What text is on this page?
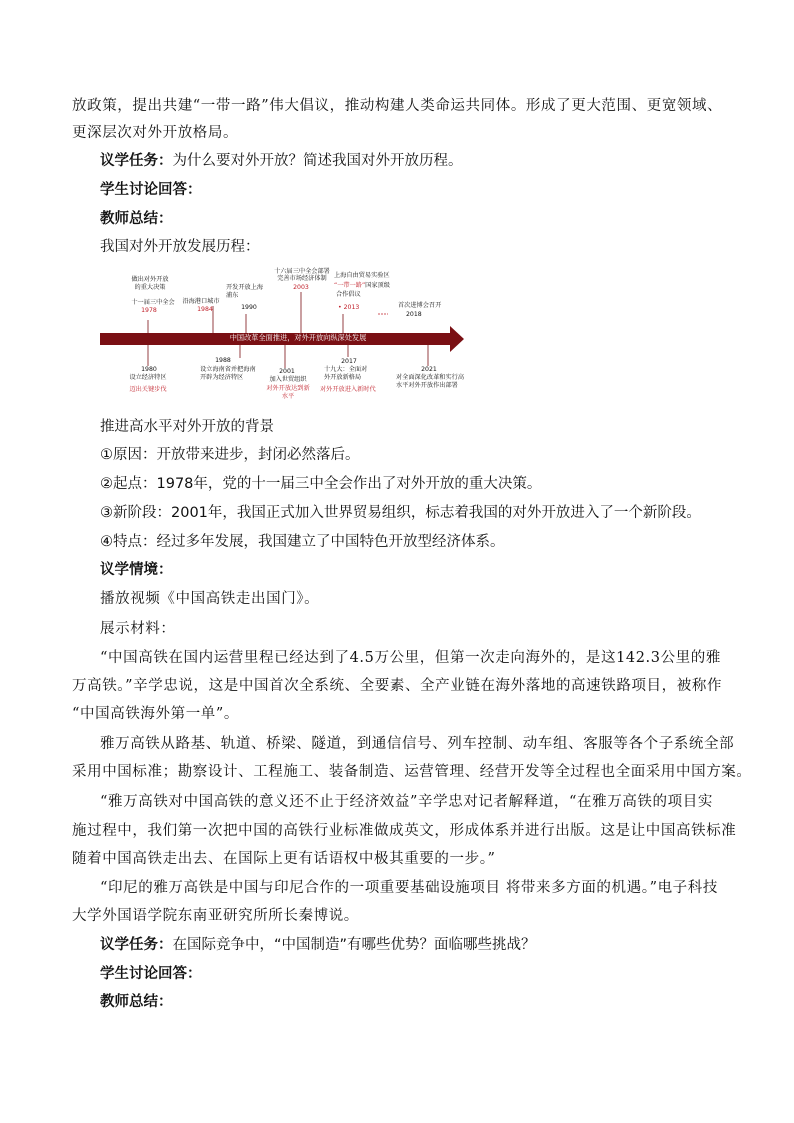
放政策，提出共建“一带一路”伟大倡议，推动构建人类命运共同体。形成了更大范围、更宽领域、
更深层次对外开放格局。
议学任务：为什么要对外开放？简述我国对外开放历程。
学生讨论回答：
教师总结：
我国对外开放发展历程：
中国改革全面推进，对外开放向纵深处发展
十一届三中全会
1978
做出对外开放
的重大决策
沿海港口城市
1984
开发开放上海
浦东
1990
十六届三中全会部署
完善市场经济体制
2003
上海自由贸易实验区
“一带一路”国家顶级
合作倡议
• 2013	首次进博会召开
2018
1980
设立经济特区
迈出关键步伐
1988
设立海南省并把海南
开辟为经济特区
2001
加入世贸组织
对外开放达到新
水平
2017
十九大：全面对
外开放新格局
对外开放进入新时代
2021
对全面深化改革和实行高
水平对外开放作出部署
推进高水平对外开放的背景
①原因：开放带来进步，封闭必然落后。
②起点：1978年，党的十一届三中全会作出了对外开放的重大决策。
③新阶段：2001年，我国正式加入世界贸易组织，标志着我国的对外开放进入了一个新阶段。
④特点：经过多年发展，我国建立了中国特色开放型经济体系。
议学情境：
播放视频《中国高铁走出国门》。
展示材料：
“中国高铁在国内运营里程已经达到了4.5万公里，但第一次走向海外的，是这142.3公里的雅
万高铁。”辛学忠说，这是中国首次全系统、全要素、全产业链在海外落地的高速铁路项目，被称作
“中国高铁海外第一单”。
雅万高铁从路基、轨道、桥梁、隧道，到通信信号、列车控制、动车组、客服等各个子系统全部
采用中国标准；勘察设计、工程施工、装备制造、运营管理、经营开发等全过程也全面采用中国方案。
“雅万高铁对中国高铁的意义还不止于经济效益”辛学忠对记者解释道，“在雅万高铁的项目实
施过程中，我们第一次把中国的高铁行业标准做成英文，形成体系并进行出版。这是让中国高铁标准
随着中国高铁走出去、在国际上更有话语权中极其重要的一步。”
“印尼的雅万高铁是中国与印尼合作的一项重要基础设施项目 将带来多方面的机遇。”电子科技
大学外国语学院东南亚研究所所长秦博说。
议学任务：在国际竞争中，“中国制造”有哪些优势？面临哪些挑战？
学生讨论回答：
教师总结：
